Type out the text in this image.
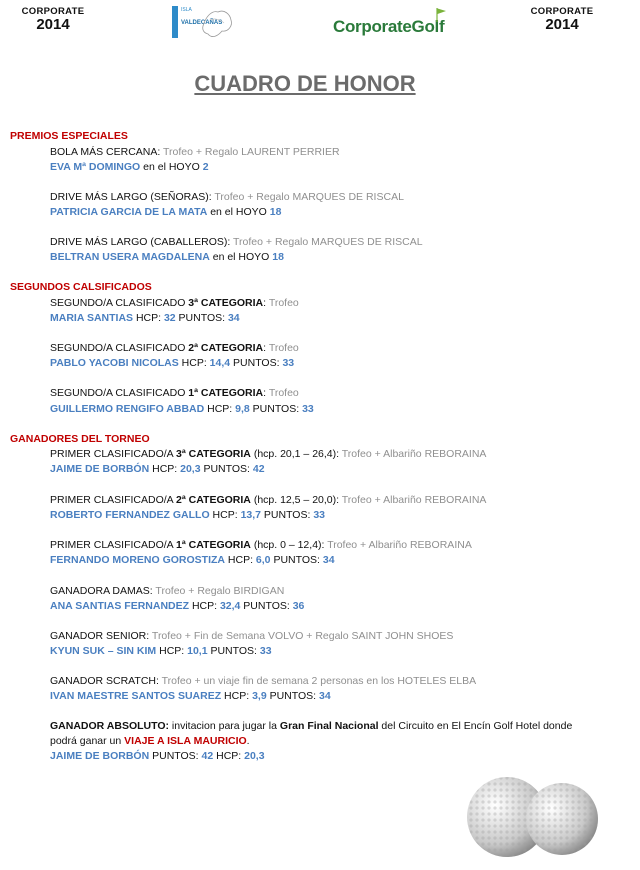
CORPORATE
2014
ISLA
VALDECAÑAS	CorporateGolf
CORPORATE
2014
CUADRO DE HONOR
PREMIOS ESPECIALES
BOLA MÁS CERCANA: Trofeo + Regalo LAURENT PERRIER
EVA Mª DOMINGO en el HOYO 2
DRIVE MÁS LARGO (SEÑORAS): Trofeo + Regalo MARQUES DE RISCAL
PATRICIA GARCIA DE LA MATA en el HOYO 18
DRIVE MÁS LARGO (CABALLEROS): Trofeo + Regalo MARQUES DE RISCAL
BELTRAN USERA MAGDALENA en el HOYO 18
SEGUNDOS CALSIFICADOS
SEGUNDO/A CLASIFICADO 3ª CATEGORIA: Trofeo
MARIA SANTIAS HCP: 32 PUNTOS: 34
SEGUNDO/A CLASIFICADO 2ª CATEGORIA: Trofeo
PABLO YACOBI NICOLAS HCP: 14,4 PUNTOS: 33
SEGUNDO/A CLASIFICADO 1ª CATEGORIA: Trofeo
GUILLERMO RENGIFO ABBAD HCP: 9,8 PUNTOS: 33
GANADORES DEL TORNEO
PRIMER CLASIFICADO/A 3ª CATEGORIA (hcp. 20,1 – 26,4): Trofeo + Albariño REBORAINA
JAIME DE BORBÓN HCP: 20,3 PUNTOS: 42
PRIMER CLASIFICADO/A 2ª CATEGORIA (hcp. 12,5 – 20,0): Trofeo + Albariño REBORAINA
ROBERTO FERNANDEZ GALLO HCP: 13,7 PUNTOS: 33
PRIMER CLASIFICADO/A 1ª CATEGORIA (hcp. 0 – 12,4): Trofeo + Albariño REBORAINA
FERNANDO MORENO GOROSTIZA HCP: 6,0 PUNTOS: 34
GANADORA DAMAS: Trofeo + Regalo BIRDIGAN
ANA SANTIAS FERNANDEZ HCP: 32,4 PUNTOS: 36
GANADOR SENIOR: Trofeo + Fin de Semana VOLVO + Regalo SAINT JOHN SHOES
KYUN SUK – SIN KIM HCP: 10,1 PUNTOS: 33
GANADOR SCRATCH: Trofeo + un viaje fin de semana 2 personas en los HOTELES ELBA
IVAN MAESTRE SANTOS SUAREZ HCP: 3,9 PUNTOS: 34
GANADOR ABSOLUTO: invitacion para jugar la Gran Final Nacional del Circuito en El Encín Golf Hotel donde
podrá ganar un VIAJE A ISLA MAURICIO.
JAIME DE BORBÓN PUNTOS: 42 HCP: 20,3
